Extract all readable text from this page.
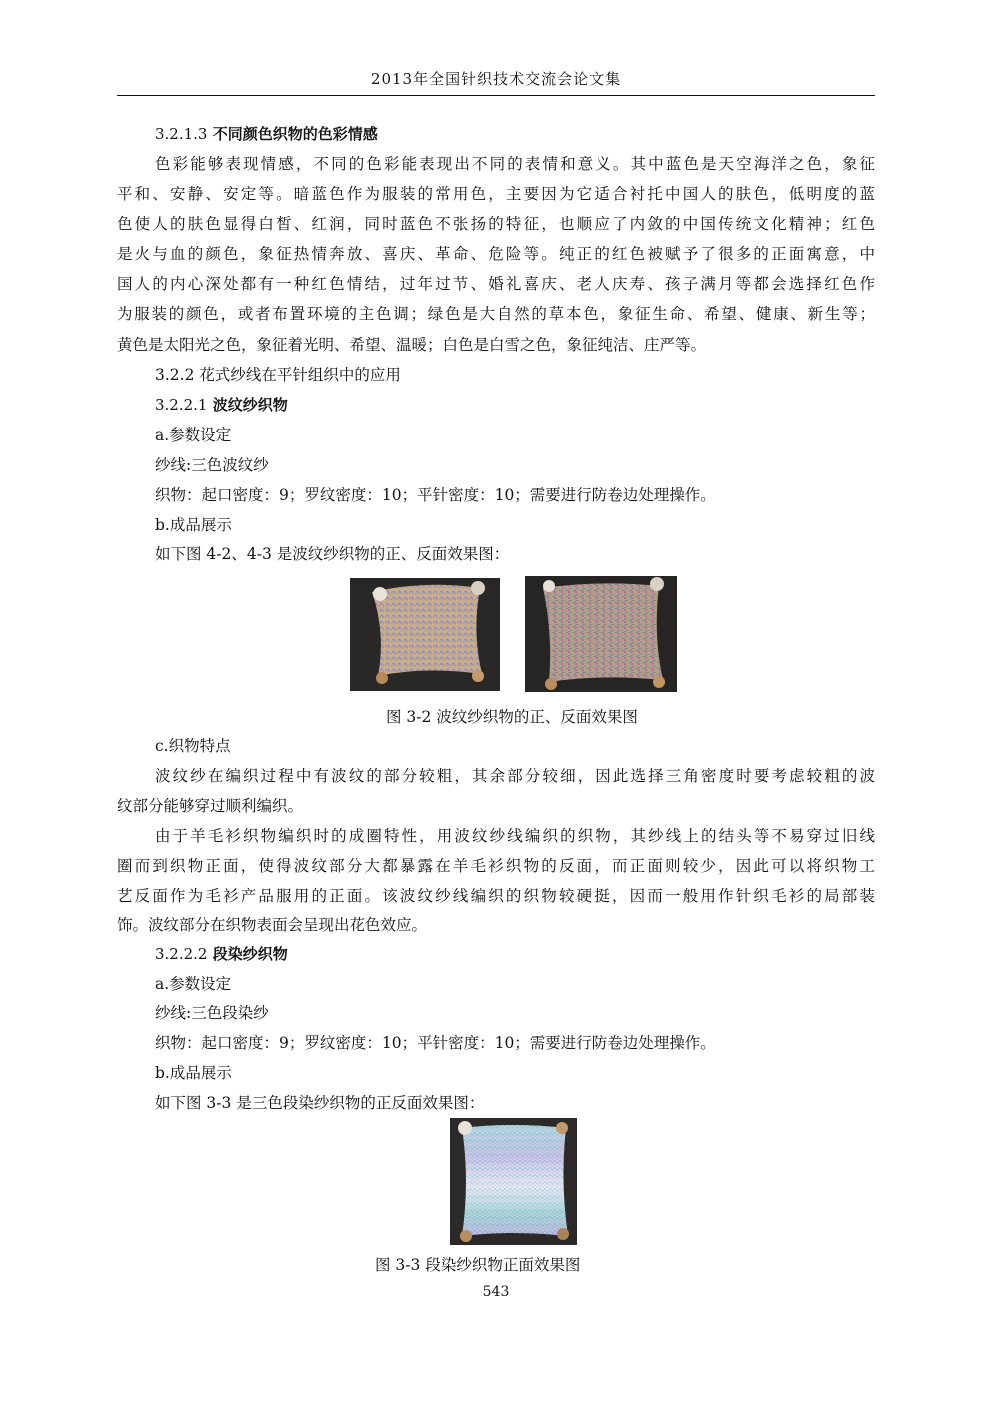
2013年全国针织技术交流会论文集
3.2.1.3 不同颜色织物的色彩情感
色彩能够表现情感，不同的色彩能表现出不同的表情和意义。其中蓝色是天空海洋之色，象征
平和、安静、安定等。暗蓝色作为服装的常用色，主要因为它适合衬托中国人的肤色，低明度的蓝
色使人的肤色显得白皙、红润，同时蓝色不张扬的特征，也顺应了内敛的中国传统文化精神；红色
是火与血的颜色，象征热情奔放、喜庆、革命、危险等。纯正的红色被赋予了很多的正面寓意，中
国人的内心深处都有一种红色情结，过年过节、婚礼喜庆、老人庆寿、孩子满月等都会选择红色作
为服装的颜色，或者布置环境的主色调；绿色是大自然的草本色，象征生命、希望、健康、新生等；
黄色是太阳光之色，象征着光明、希望、温暖；白色是白雪之色，象征纯洁、庄严等。
3.2.2 花式纱线在平针组织中的应用
3.2.2.1 波纹纱织物
a.参数设定
纱线:三色波纹纱
织物：起口密度：9；罗纹密度：10；平针密度：10；需要进行防卷边处理操作。
b.成品展示
如下图 4-2、4-3 是波纹纱织物的正、反面效果图：
图 3-2 波纹纱织物的正、反面效果图
c.织物特点
波纹纱在编织过程中有波纹的部分较粗，其余部分较细，因此选择三角密度时要考虑较粗的波
纹部分能够穿过顺利编织。
由于羊毛衫织物编织时的成圈特性，用波纹纱线编织的织物，其纱线上的结头等不易穿过旧线
圈而到织物正面，使得波纹部分大都暴露在羊毛衫织物的反面，而正面则较少，因此可以将织物工
艺反面作为毛衫产品服用的正面。该波纹纱线编织的织物较硬挺，因而一般用作针织毛衫的局部装
饰。波纹部分在织物表面会呈现出花色效应。
3.2.2.2 段染纱织物
a.参数设定
纱线:三色段染纱
织物：起口密度：9；罗纹密度：10；平针密度：10；需要进行防卷边处理操作。
b.成品展示
如下图 3-3 是三色段染纱织物的正反面效果图：
图 3-3 段染纱织物正面效果图
543
